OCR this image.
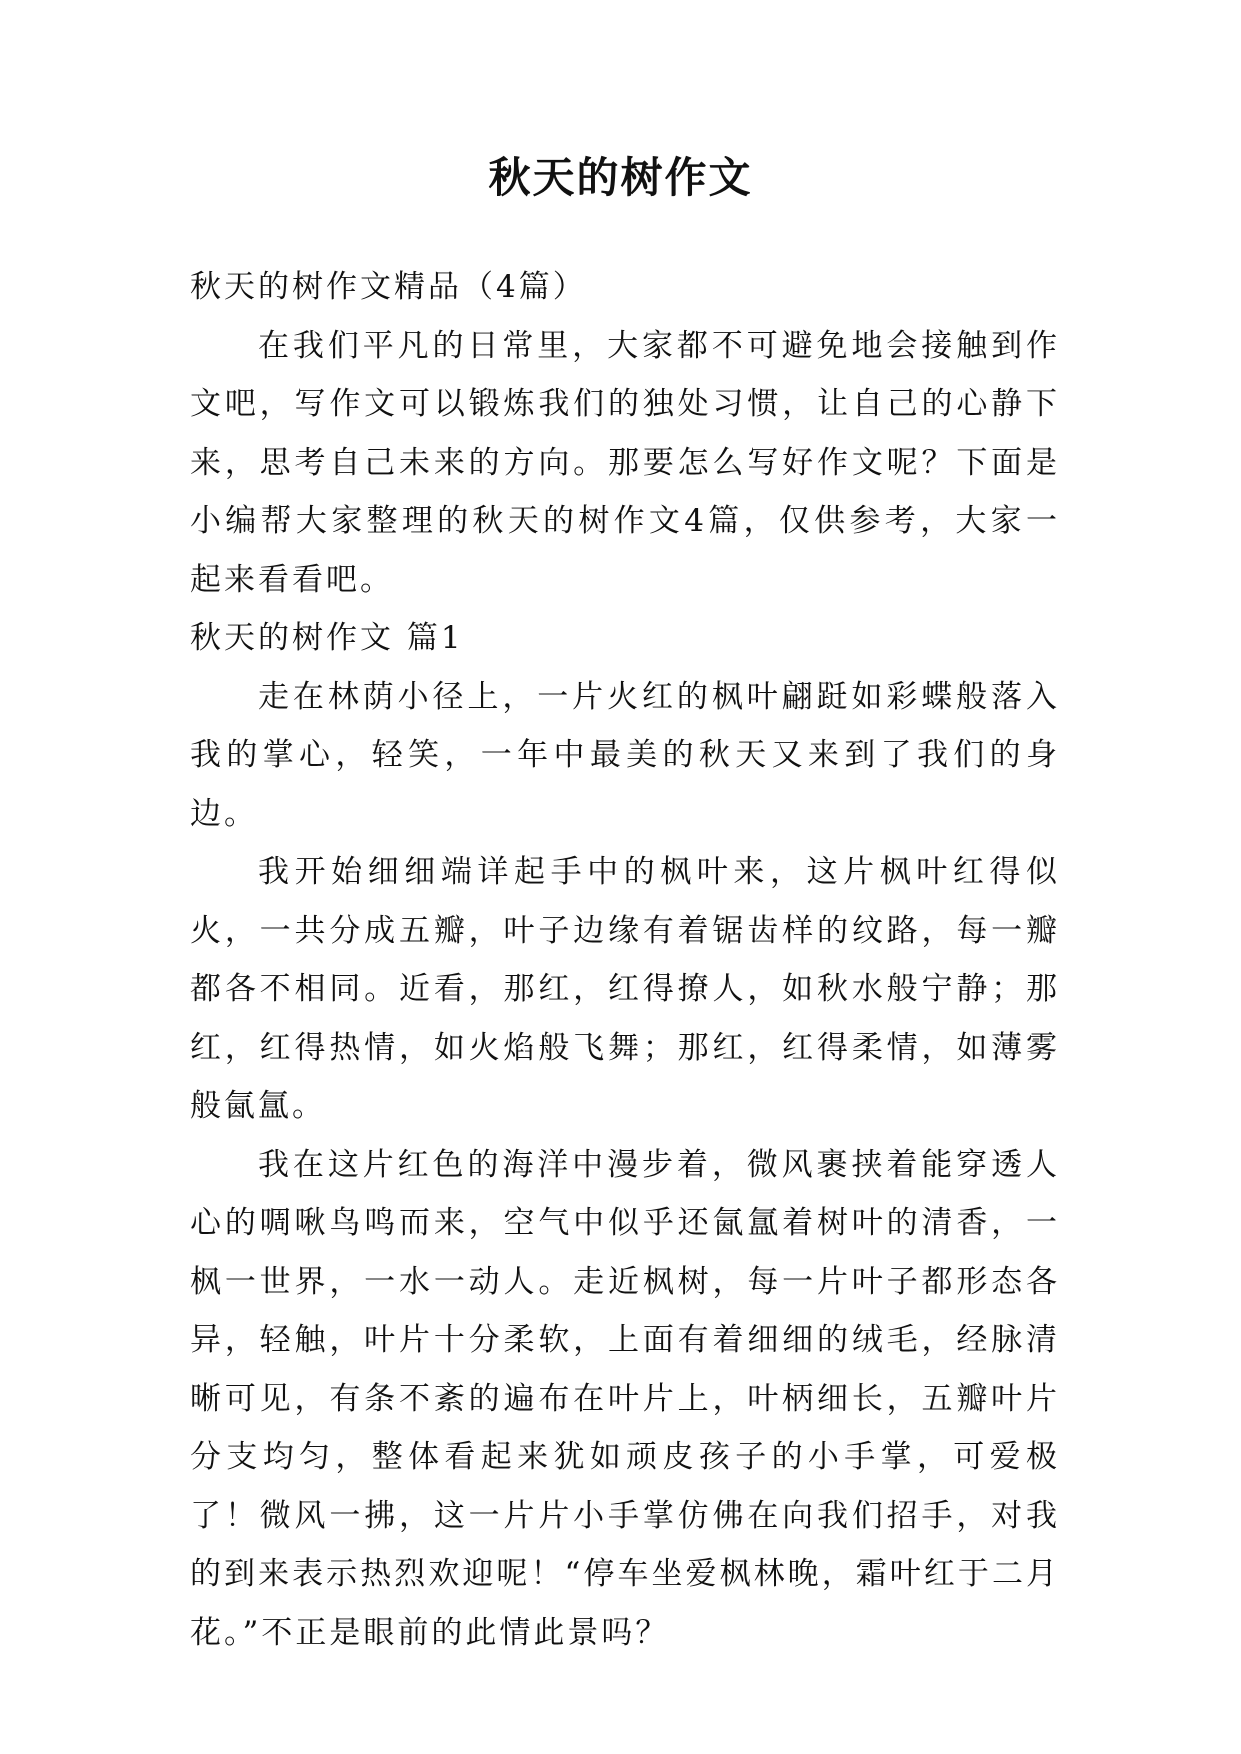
秋天的树作文

秋天的树作文精品（4篇）

在我们平凡的日常里，大家都不可避免地会接触到作文吧，写作文可以锻炼我们的独处习惯，让自己的心静下来，思考自己未来的方向。那要怎么写好作文呢？下面是小编帮大家整理的秋天的树作文4篇，仅供参考，大家一起来看看吧。

秋天的树作文 篇1

走在林荫小径上，一片火红的枫叶翩跹如彩蝶般落入我的掌心，轻笑，一年中最美的秋天又来到了我们的身边。

我开始细细端详起手中的枫叶来，这片枫叶红得似火，一共分成五瓣，叶子边缘有着锯齿样的纹路，每一瓣都各不相同。近看，那红，红得撩人，如秋水般宁静；那红，红得热情，如火焰般飞舞；那红，红得柔情，如薄雾般氤氲。

我在这片红色的海洋中漫步着，微风裹挟着能穿透人心的啁啾鸟鸣而来，空气中似乎还氤氲着树叶的清香，一枫一世界，一水一动人。走近枫树，每一片叶子都形态各异，轻触，叶片十分柔软，上面有着细细的绒毛，经脉清晰可见，有条不紊的遍布在叶片上，叶柄细长，五瓣叶片分支均匀，整体看起来犹如顽皮孩子的小手掌，可爱极了！微风一拂，这一片片小手掌仿佛在向我们招手，对我的到来表示热烈欢迎呢！“停车坐爱枫林晚，霜叶红于二月花。”不正是眼前的此情此景吗？
